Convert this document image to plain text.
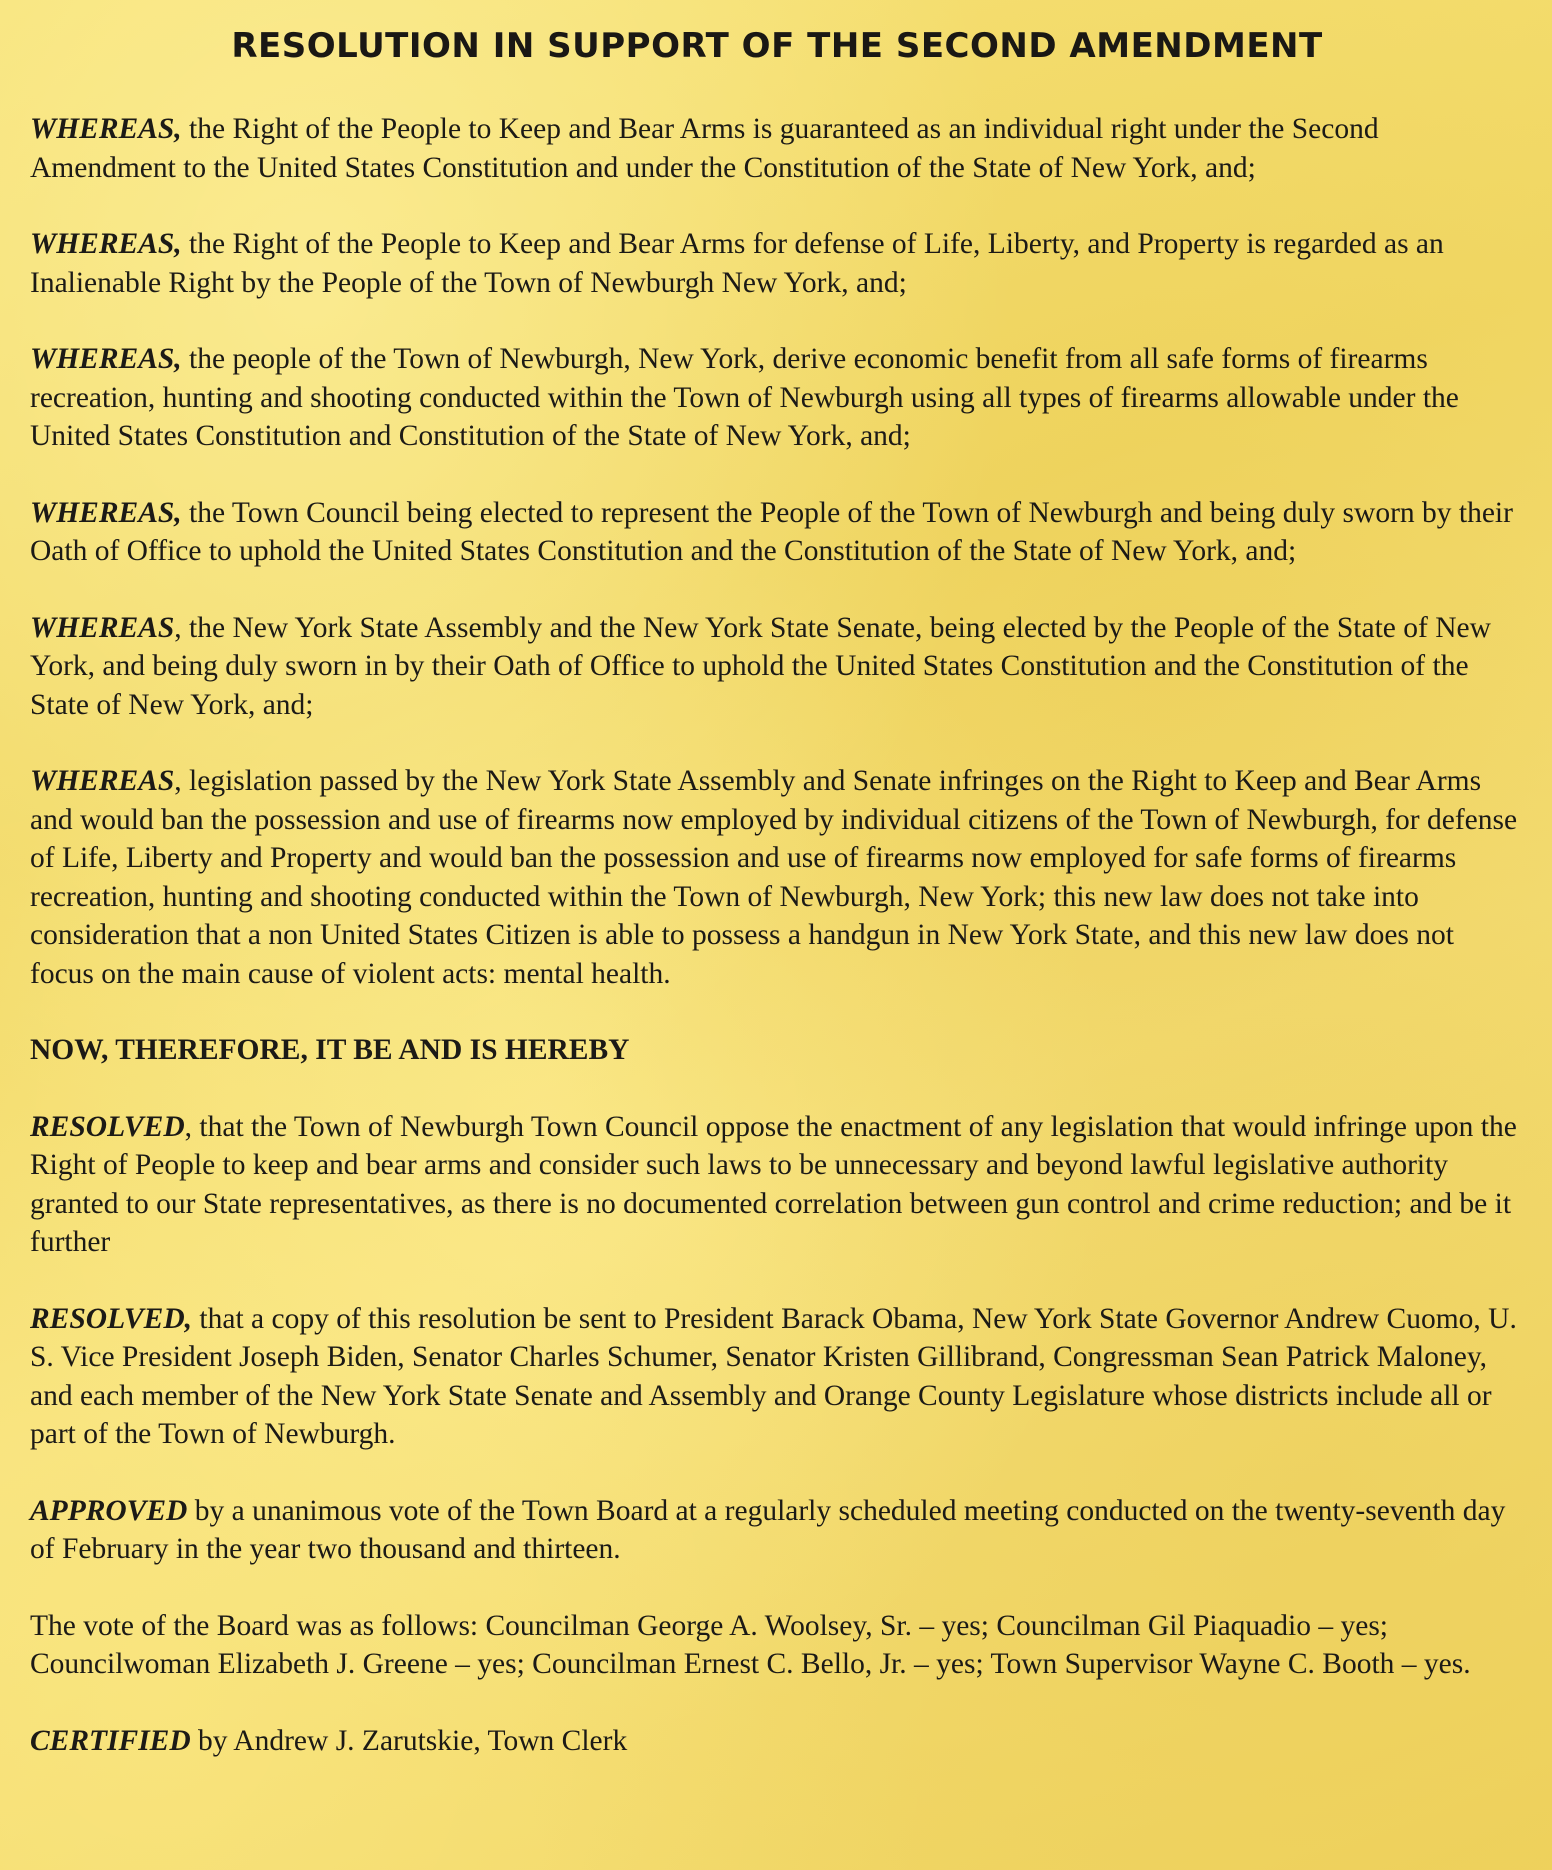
RESOLUTION IN SUPPORT OF THE SECOND AMENDMENT

WHEREAS, the Right of the People to Keep and Bear Arms is guaranteed as an individual right under the Second Amendment to the United States Constitution and under the Constitution of the State of New York, and;

WHEREAS, the Right of the People to Keep and Bear Arms for defense of Life, Liberty, and Property is regarded as an Inalienable Right by the People of the Town of Newburgh New York, and;

WHEREAS, the people of the Town of Newburgh, New York, derive economic benefit from all safe forms of firearms recreation, hunting and shooting conducted within the Town of Newburgh using all types of firearms allowable under the United States Constitution and Constitution of the State of New York, and;

WHEREAS, the Town Council being elected to represent the People of the Town of Newburgh and being duly sworn by their Oath of Office to uphold the United States Constitution and the Constitution of the State of New York, and;

WHEREAS, the New York State Assembly and the New York State Senate, being elected by the People of the State of New York, and being duly sworn in by their Oath of Office to uphold the United States Constitution and the Constitution of the State of New York, and;

WHEREAS, legislation passed by the New York State Assembly and Senate infringes on the Right to Keep and Bear Arms and would ban the possession and use of firearms now employed by individual citizens of the Town of Newburgh, for defense of Life, Liberty and Property and would ban the possession and use of firearms now employed for safe forms of firearms recreation, hunting and shooting conducted within the Town of Newburgh, New York; this new law does not take into consideration that a non United States Citizen is able to possess a handgun in New York State, and this new law does not focus on the main cause of violent acts: mental health.

NOW, THEREFORE, IT BE AND IS HEREBY

RESOLVED, that the Town of Newburgh Town Council oppose the enactment of any legislation that would infringe upon the Right of People to keep and bear arms and consider such laws to be unnecessary and beyond lawful legislative authority granted to our State representatives, as there is no documented correlation between gun control and crime reduction; and be it further

RESOLVED, that a copy of this resolution be sent to President Barack Obama, New York State Governor Andrew Cuomo, U. S. Vice President Joseph Biden, Senator Charles Schumer, Senator Kristen Gillibrand, Congressman Sean Patrick Maloney, and each member of the New York State Senate and Assembly and Orange County Legislature whose districts include all or part of the Town of Newburgh.

APPROVED by a unanimous vote of the Town Board at a regularly scheduled meeting conducted on the twenty-seventh day of February in the year two thousand and thirteen.

The vote of the Board was as follows: Councilman George A. Woolsey, Sr. – yes; Councilman Gil Piaquadio – yes; Councilwoman Elizabeth J. Greene – yes; Councilman Ernest C. Bello, Jr. – yes; Town Supervisor Wayne C. Booth – yes.

CERTIFIED by Andrew J. Zarutskie, Town Clerk
